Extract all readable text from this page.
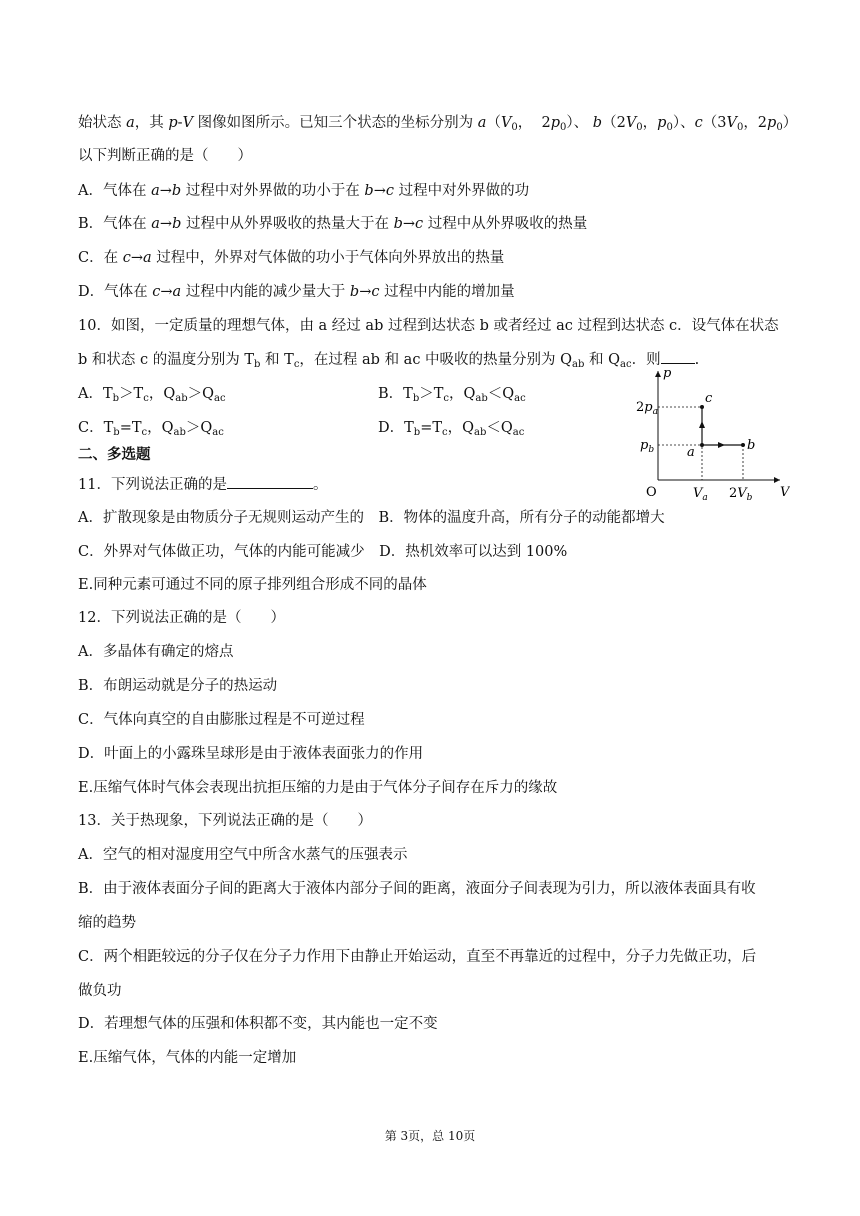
始状态 a，其 p-V 图像如图所示。已知三个状态的坐标分别为 $a(V_0$，  $2p_0$）、 $b(2V_0$，$p_0$）、$c(3V_0$，$2p_0$）
以下判断正确的是（　　）
A．气体在 a→b 过程中对外界做的功小于在 b→c 过程中对外界做的功
B．气体在 a→b 过程中从外界吸收的热量大于在 b→c 过程中从外界吸收的热量
C．在 c→a 过程中，外界对气体做的功小于气体向外界放出的热量
D．气体在 c→a 过程中内能的减少量大于 b→c 过程中内能的增加量
10．如图，一定质量的理想气体，由 a 经过 ab 过程到达状态 b 或者经过 ac 过程到达状态 c．设气体在状态
b 和状态 c 的温度分别为 $T_b$ 和 $T_c$，在过程 ab 和 ac 中吸收的热量分别为 $Q_{ab}$ 和 $Q_{ac}$．则 .
A．$T_b>T_c$，$Q_{ab}>Q_{ac}$	B．$T_b>T_c$，$Q_{ab}<Q_{ac}$
C．$T_b=T_c$，$Q_{ab}>Q_{ac}$	D．$T_b=T_c$，$Q_{ab}<Q_{ac}$
二、多选题
11．下列说法正确的是	。
A．扩散现象是由物质分子无规则运动产生的　B．物体的温度升高，所有分子的动能都增大
C．外界对气体做正功，气体的内能可能减少　D．热机效率可以达到 100%
E.同种元素可通过不同的原子排列组合形成不同的晶体
12．下列说法正确的是（　　）
A．多晶体有确定的熔点
B．布朗运动就是分子的热运动
C．气体向真空的自由膨胀过程是不可逆过程
D．叶面上的小露珠呈球形是由于液体表面张力的作用
E.压缩气体时气体会表现出抗拒压缩的力是由于气体分子间存在斥力的缘故
13．关于热现象，下列说法正确的是（　　）
A．空气的相对湿度用空气中所含水蒸气的压强表示
B．由于液体表面分子间的距离大于液体内部分子间的距离，液面分子间表现为引力，所以液体表面具有收
缩的趋势
C．两个相距较远的分子仅在分子力作用下由静止开始运动，直至不再靠近的过程中，分子力先做正功，后
做负功
D．若理想气体的压强和体积都不变，其内能也一定不变
E.压缩气体，气体的内能一定增加
p
V
O
$2p_a$
$p_b$
$V_a$ $2V_b$
a	b
c
第 3页，总 10页
